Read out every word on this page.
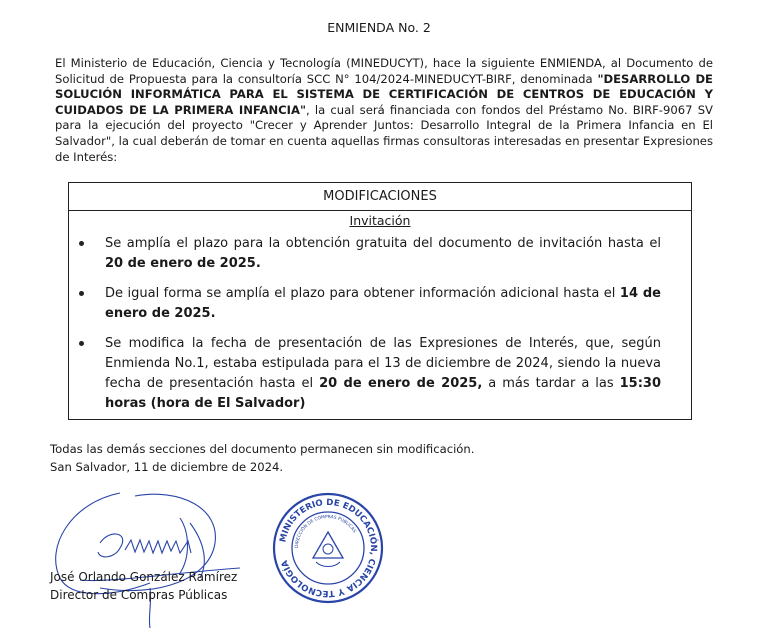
ENMIENDA No. 2
El Ministerio de Educación, Ciencia y Tecnología (MINEDUCYT), hace la siguiente ENMIENDA, al Documento de Solicitud de Propuesta para la consultoría SCC N° 104/2024-MINEDUCYT-BIRF, denominada "DESARROLLO DE SOLUCIÓN INFORMÁTICA PARA EL SISTEMA DE CERTIFICACIÓN DE CENTROS DE EDUCACIÓN Y CUIDADOS DE LA PRIMERA INFANCIA", la cual será financiada con fondos del Préstamo No. BIRF-9067 SV para la ejecución del proyecto "Crecer y Aprender Juntos: Desarrollo Integral de la Primera Infancia en El Salvador", la cual deberán de tomar en cuenta aquellas firmas consultoras interesadas en presentar Expresiones de Interés:
MODIFICACIONES
Invitación
Se amplía el plazo para la obtención gratuita del documento de invitación hasta el 20 de enero de 2025.
De igual forma se amplía el plazo para obtener información adicional hasta el 14 de enero de 2025.
Se modifica la fecha de presentación de las Expresiones de Interés, que, según Enmienda No.1, estaba estipulada para el 13 de diciembre de 2024, siendo la nueva fecha de presentación hasta el 20 de enero de 2025, a más tardar a las 15:30 horas (hora de El Salvador)
Todas las demás secciones del documento permanecen sin modificación.
San Salvador, 11 de diciembre de 2024.
José Orlando González Ramírez
Director de Compras Públicas
MINISTERIO DE EDUCACIÓN, CIENCIA Y TECNOLOGÍA
DIRECCIÓN DE COMPRAS PÚBLICAS
